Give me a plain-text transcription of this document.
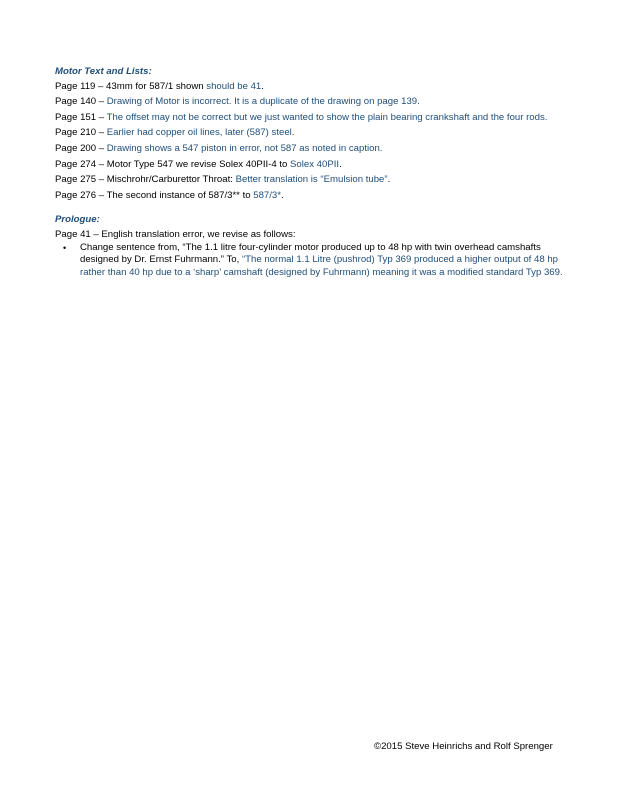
Motor Text and Lists:
Page 119 – 43mm for 587/1 shown should be 41.
Page 140 – Drawing of Motor is incorrect. It is a duplicate of the drawing on page 139.
Page 151 – The offset may not be correct but we just wanted to show the plain bearing crankshaft and the four rods.
Page 210 – Earlier had copper oil lines, later (587) steel.
Page 200 – Drawing shows a 547 piston in error, not 587 as noted in caption.
Page 274 – Motor Type 547 we revise Solex 40PII-4 to Solex 40PII.
Page 275 – Mischrohr/Carburettor Throat: Better translation is “Emulsion tube”.
Page 276 – The second instance of 587/3** to 587/3*.
Prologue:
Page 41 – English translation error, we revise as follows:
• Change sentence from, “The 1.1 litre four-cylinder motor produced up to 48 hp with twin overhead camshafts designed by Dr. Ernst Fuhrmann.” To, “The normal 1.1 Litre (pushrod) Typ 369 produced a higher output of 48 hp rather than 40 hp due to a ‘sharp’ camshaft (designed by Fuhrmann) meaning it was a modified standard Typ 369.
©2015 Steve Heinrichs and Rolf Sprenger
